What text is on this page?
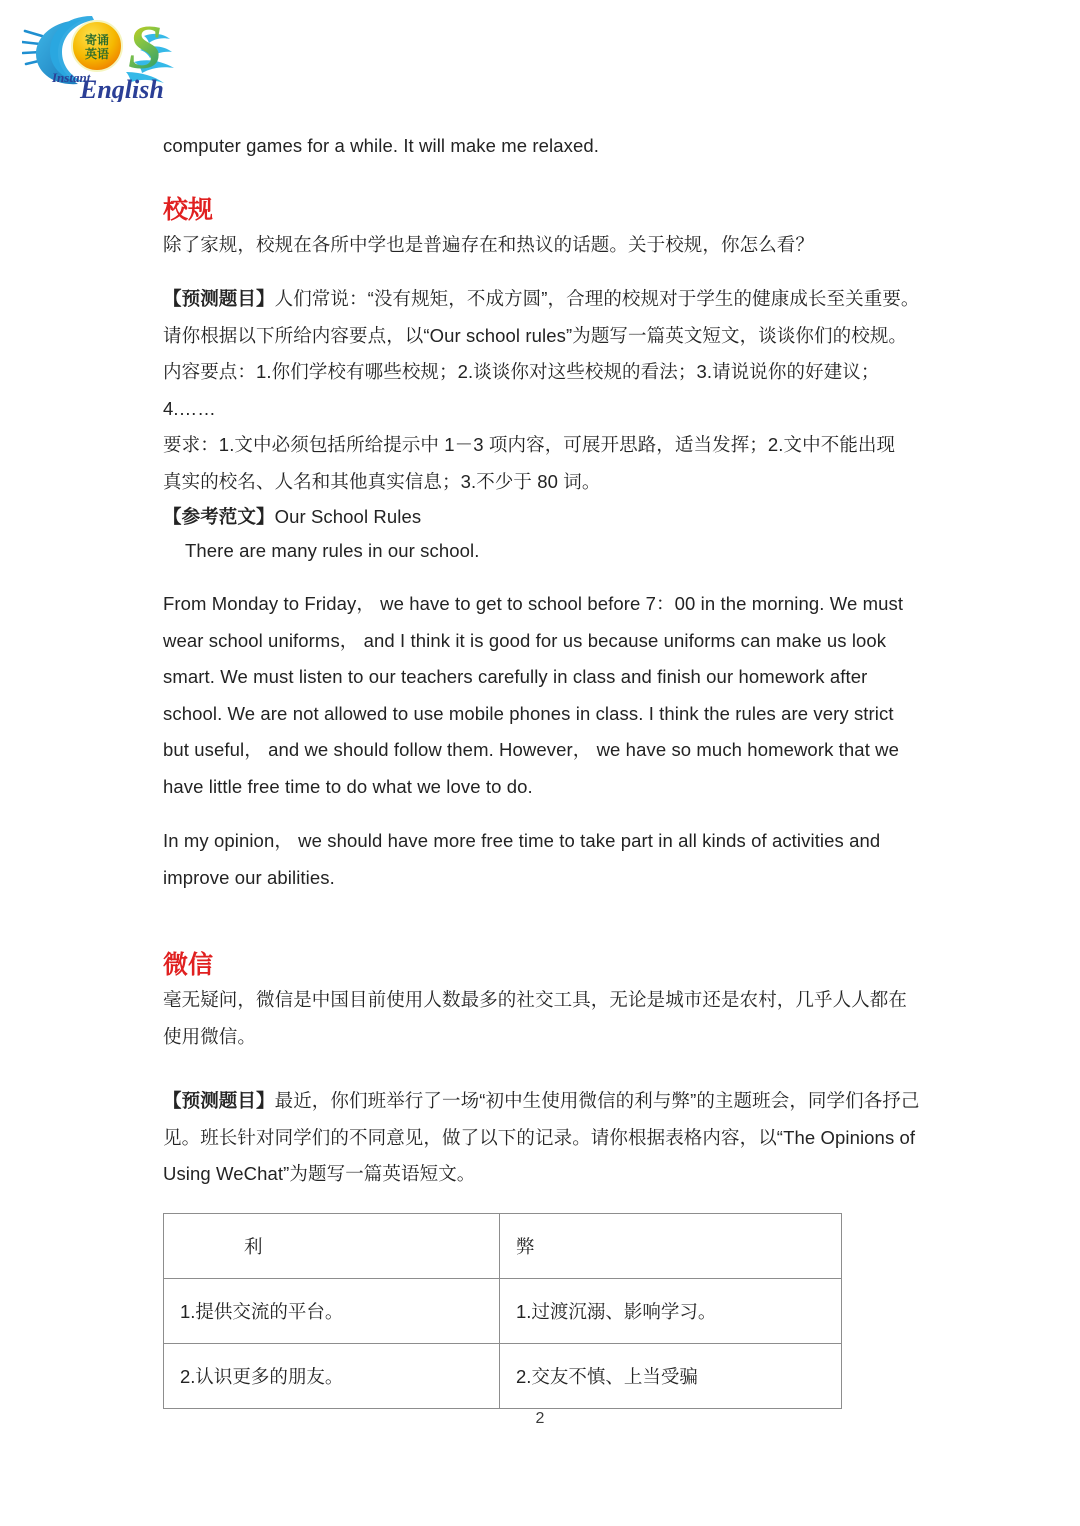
寄诵
英语 S
Instant
English

computer games for a while. It will make me relaxed.

校规

除了家规，校规在各所中学也是普遍存在和热议的话题。关于校规，你怎么看？

【预测题目】人们常说：“没有规矩，不成方圆”，合理的校规对于学生的健康成长至关重要。

请你根据以下所给内容要点，以“Our school rules”为题写一篇英文短文，谈谈你们的校规。

内容要点：1.你们学校有哪些校规；2.谈谈你对这些校规的看法；3.请说说你的好建议；4.……

要求：1.文中必须包括所给提示中 1－3 项内容，可展开思路，适当发挥；2.文中不能出现

真实的校名、人名和其他真实信息；3.不少于 80 词。

【参考范文】Our School Rules

There are many rules in our school.

From Monday to Friday， we have to get to school before 7：00 in the morning. We must wear school uniforms， and I think it is good for us because uniforms can make us look smart. We must listen to our teachers carefully in class and finish our homework after school. We are not allowed to use mobile phones in class. I think the rules are very strict but useful， and we should follow them. However， we have so much homework that we have little free time to do what we love to do.

In my opinion， we should have more free time to take part in all kinds of activities and improve our abilities.

微信

毫无疑问，微信是中国目前使用人数最多的社交工具，无论是城市还是农村，几乎人人都在使用微信。

【预测题目】最近，你们班举行了一场“初中生使用微信的利与弊”的主题班会，同学们各抒己见。班长针对同学们的不同意见，做了以下的记录。请你根据表格内容，以“The Opinions of Using WeChat”为题写一篇英语短文。

利	弊
1.提供交流的平台。	1.过渡沉溺、影响学习。
2.认识更多的朋友。	2.交友不慎、上当受骗
2
